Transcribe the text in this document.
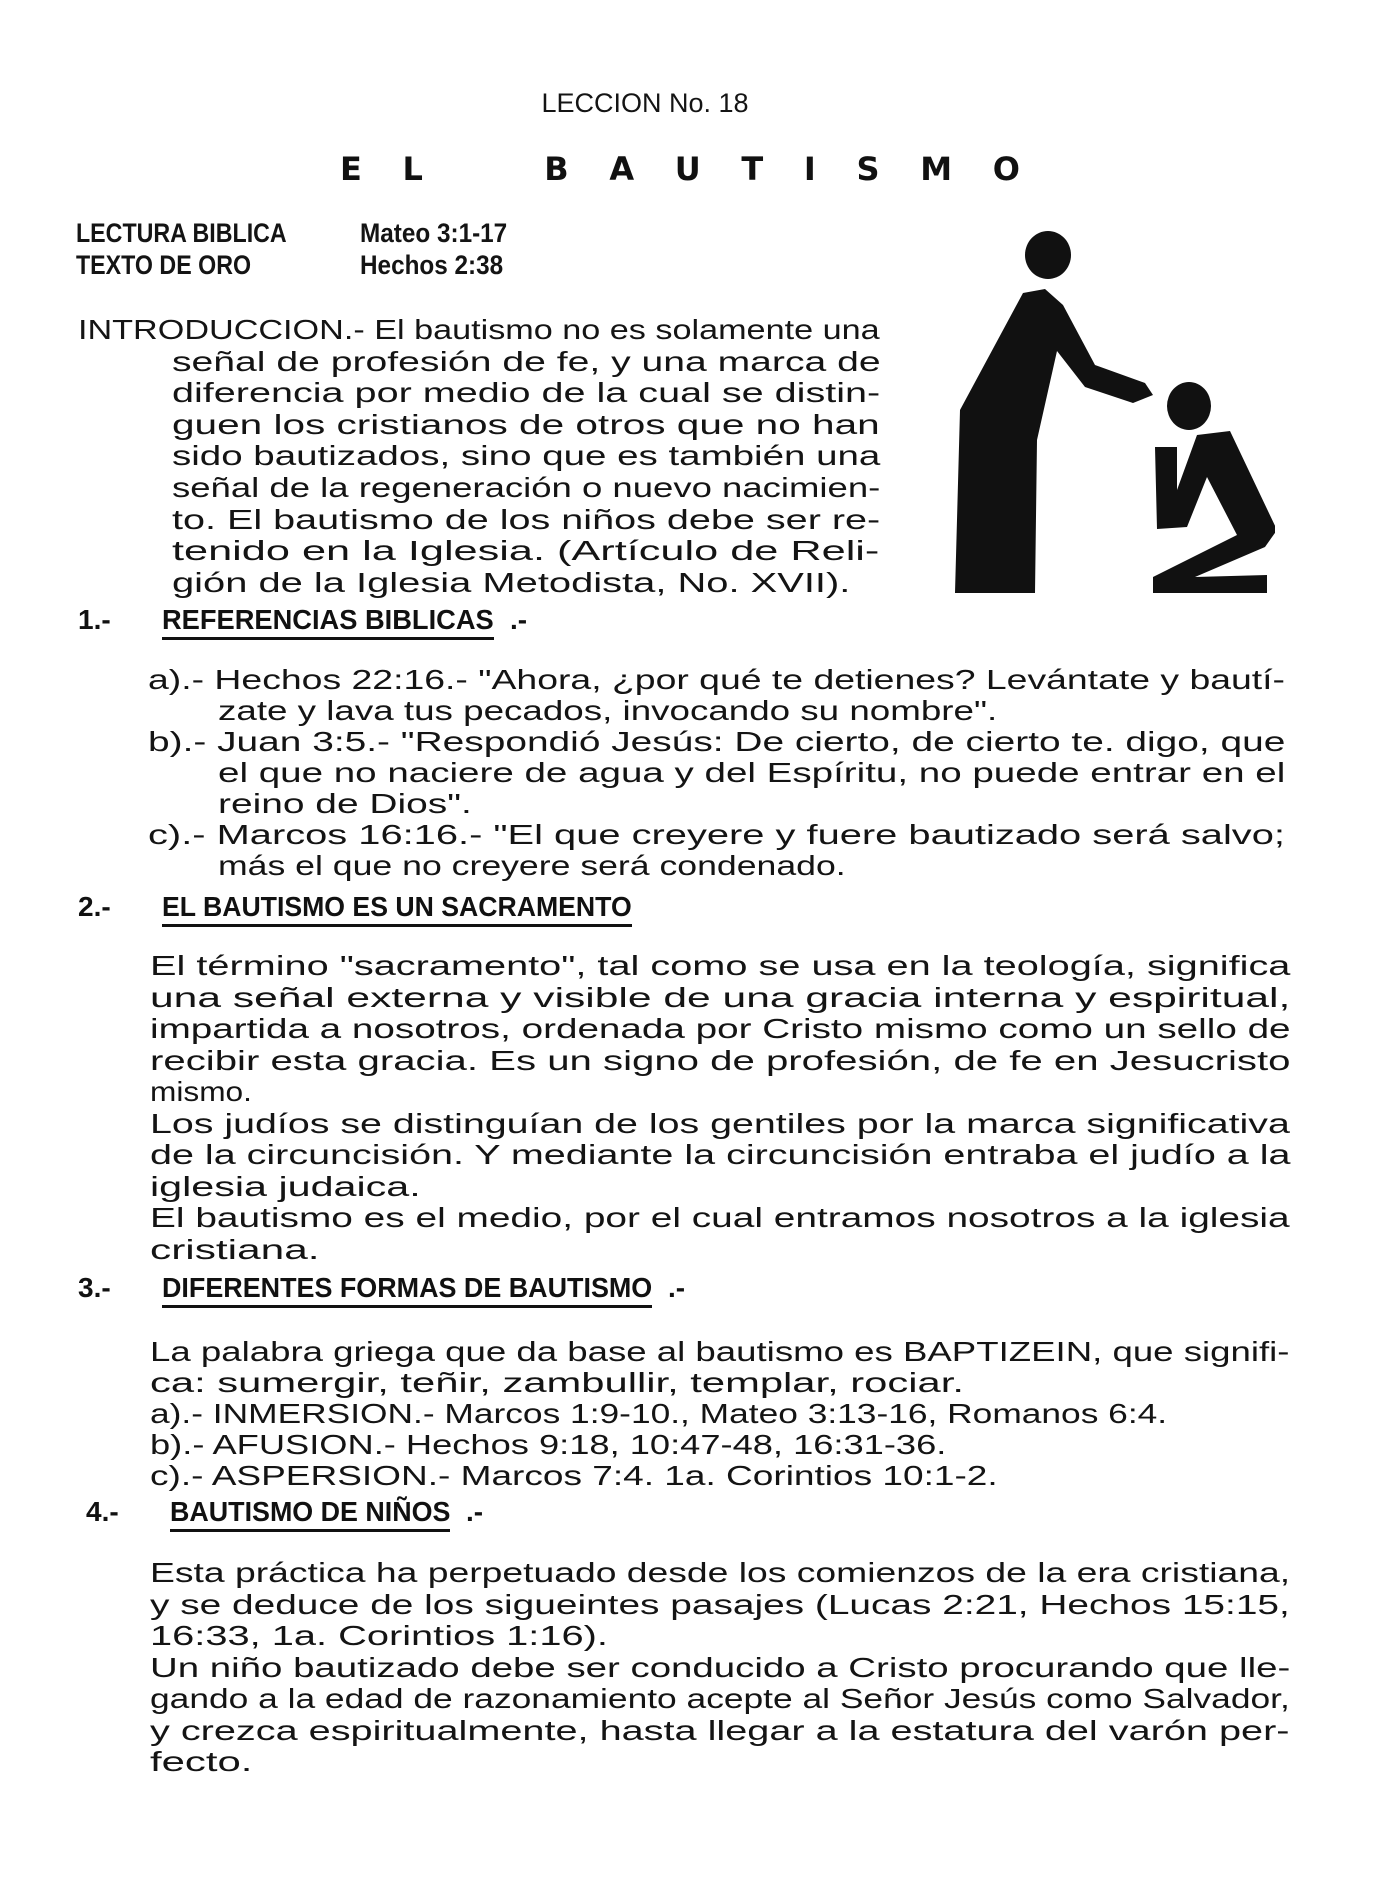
LECCION No. 18
E L	B A U T I S M O
LECTURA BIBLICA	Mateo 3:1-17
TEXTO DE ORO	Hechos 2:38
INTRODUCCION.- El bautismo no es solamente una
señal de profesión de fe, y una marca de
diferencia por medio de la cual se distin-
guen los cristianos de otros que no han
sido bautizados, sino que es también una
señal de la regeneración o nuevo nacimien-
to. El bautismo de los niños debe ser re-
tenido en la Iglesia. (Artículo de Reli-
gión de la Iglesia Metodista, No. XVII).
1.- REFERENCIAS BIBLICAS .-
a).- Hechos 22:16.- "Ahora, ¿por qué te detienes? Levántate y bautí-
zate y lava tus pecados, invocando su nombre".
b).- Juan 3:5.- "Respondió Jesús: De cierto, de cierto te. digo, que
el que no naciere de agua y del Espíritu, no puede entrar en el
reino de Dios".
c).- Marcos 16:16.- "El que creyere y fuere bautizado será salvo;
más el que no creyere será condenado.
2.- EL BAUTISMO ES UN SACRAMENTO
El término "sacramento", tal como se usa en la teología, significa
una señal externa y visible de una gracia interna y espiritual,
impartida a nosotros, ordenada por Cristo mismo como un sello de
recibir esta gracia. Es un signo de profesión, de fe en Jesucristo
mismo.
Los judíos se distinguían de los gentiles por la marca significativa
de la circuncisión. Y mediante la circuncisión entraba el judío a la
iglesia judaica.
El bautismo es el medio, por el cual entramos nosotros a la iglesia
cristiana.
3.- DIFERENTES FORMAS DE BAUTISMO .-
La palabra griega que da base al bautismo es BAPTIZEIN, que signifi-
ca: sumergir, teñir, zambullir, templar, rociar.
a).- INMERSION.- Marcos 1:9-10., Mateo 3:13-16, Romanos 6:4.
b).- AFUSION.- Hechos 9:18, 10:47-48, 16:31-36.
c).- ASPERSION.- Marcos 7:4. 1a. Corintios 10:1-2.
4.- BAUTISMO DE NIÑOS .-
Esta práctica ha perpetuado desde los comienzos de la era cristiana,
y se deduce de los sigueintes pasajes (Lucas 2:21, Hechos 15:15,
16:33, 1a. Corintios 1:16).
Un niño bautizado debe ser conducido a Cristo procurando que lle-
gando a la edad de razonamiento acepte al Señor Jesús como Salvador,
y crezca espiritualmente, hasta llegar a la estatura del varón per-
fecto.
